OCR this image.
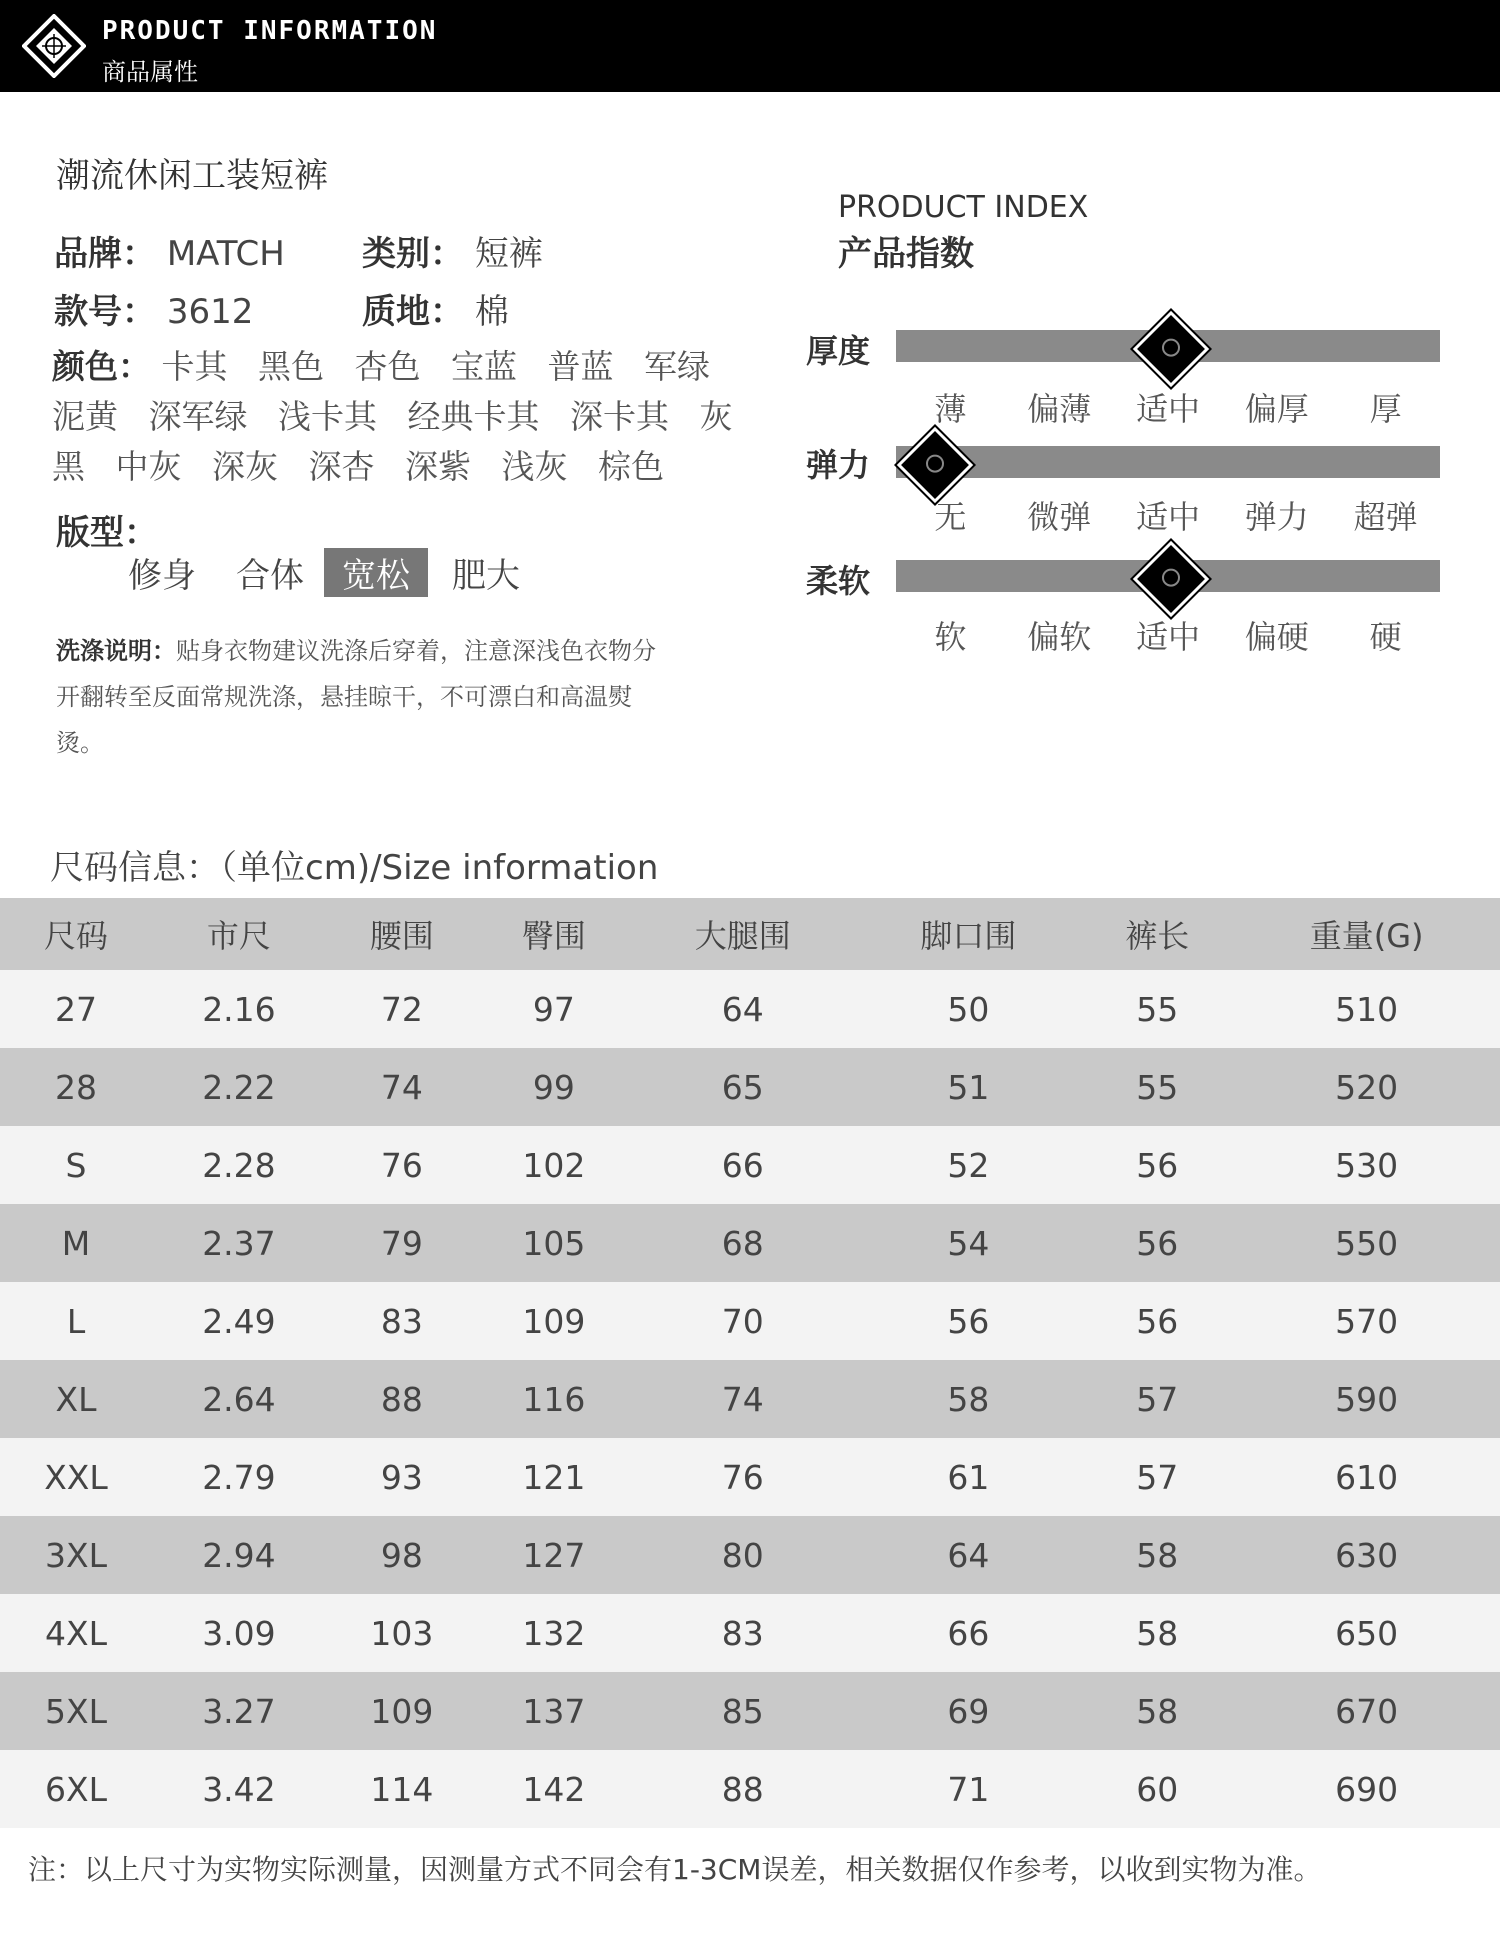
PRODUCT INFORMATION
商品属性
潮流休闲工装短裤
品牌： MATCH 类别： 短裤
款号： 3612	质地： 棉
颜色： 卡其 黑色 杏色 宝蓝 普蓝 军绿 泥黄 深军绿 浅卡其 经典卡其 深卡其 灰黑 中灰 深灰 深杏 深紫 浅灰 棕色
版型：
修身 合体	宽松	肥大
洗涤说明：贴身衣物建议洗涤后穿着，注意深浅色衣物分开翻转至反面常规洗涤，悬挂晾干，不可漂白和高温熨烫。
PRODUCT INDEX
产品指数
厚度
薄	偏薄	适中	偏厚	厚
弹力
无	微弹	适中	弹力	超弹
柔软
软	偏软	适中	偏硬	硬
尺码信息：（单位cm)/Size information
尺码	市尺	腰围	臀围	大腿围	脚口围	裤长	重量(G)
27	2.16	72	97	64	50	55	510
28	2.22	74	99	65	51	55	520
S	2.28	76	102	66	52	56	530
M	2.37	79	105	68	54	56	550
L	2.49	83	109	70	56	56	570
XL	2.64	88	116	74	58	57	590
XXL	2.79	93	121	76	61	57	610
3XL	2.94	98	127	80	64	58	630
4XL	3.09	103	132	83	66	58	650
5XL	3.27	109	137	85	69	58	670
6XL	3.42	114	142	88	71	60	690
注：以上尺寸为实物实际测量，因测量方式不同会有1-3CM误差，相关数据仅作参考，以收到实物为准。
